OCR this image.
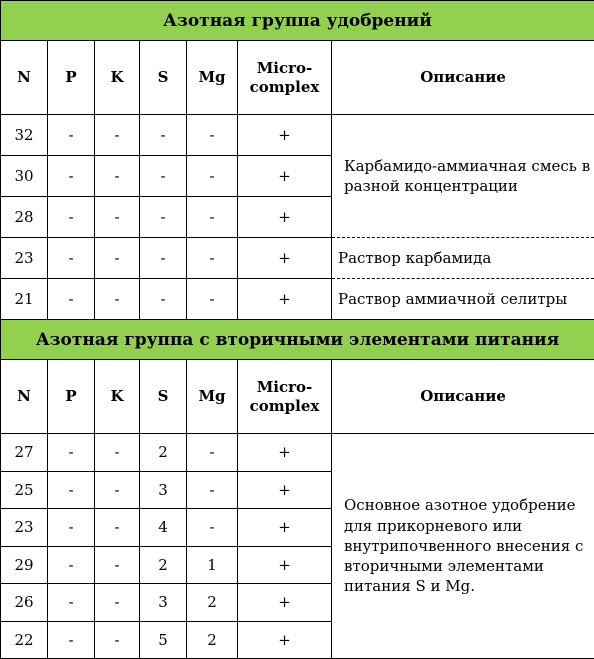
Азотная группа удобрений						
N	P	K	S	Mg	Micro-complex	Описание
32	-	-	-	-	+	Карбамидо-аммиачная смесь в разной концентрации
30	-	-	-	-	+	
28	-	-	-	-	+	
23	-	-	-	-	+	Раствор карбамида
21	-	-	-	-	+	Раствор аммиачной селитры
Азотная группа с вторичными элементами питания						
N	P	K	S	Mg	Micro-complex	Описание
27	-	-	2	-	+	Основное азотное удобрение для прикорневого или внутрипочвенного внесения с вторичными элементами питания S и Mg.
25	-	-	3	-	+	
23	-	-	4	-	+	
29	-	-	2	1	+	
26	-	-	3	2	+	
22	-	-	5	2	+	
